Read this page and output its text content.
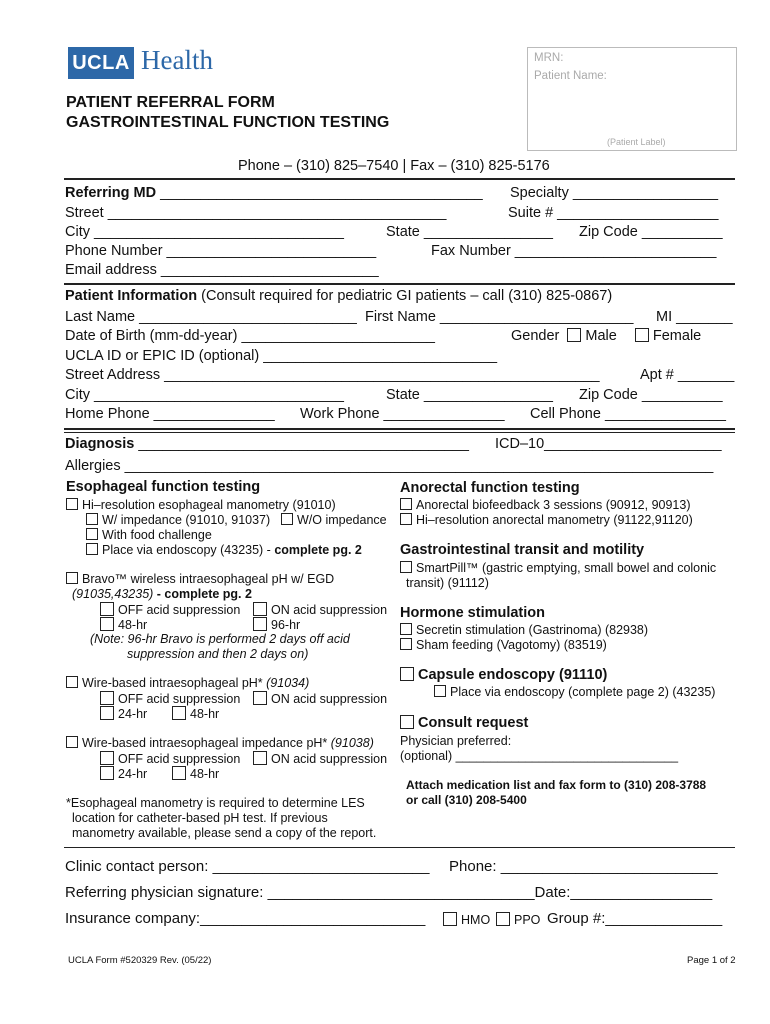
UCLA Health	MRN:
Patient Name:
(Patient Label)
PATIENT REFERRAL FORM
GASTROINTESTINAL FUNCTION TESTING
Phone – (310) 825–7540 | Fax – (310) 825-5176
Referring MD ________________________________________ Specialty __________________
Street __________________________________________	Suite # ____________________
City _______________________________	State ________________ Zip Code __________
Phone Number __________________________	Fax Number _________________________
Email address ___________________________
Patient Information (Consult required for pediatric GI patients – call (310) 825-0867)
Last Name ___________________________ First Name ________________________ MI _______
Date of Birth (mm-dd-year) ________________________	Gender Male Female
UCLA ID or EPIC ID (optional) _____________________________
Street Address ______________________________________________________	Apt # _______
City _______________________________	State ________________ Zip Code __________
Home Phone _______________ Work Phone _______________ Cell Phone _______________
Diagnosis _________________________________________ ICD–10______________________
Allergies _________________________________________________________________________
Esophageal function testing
Hi–resolution esophageal manometry (91010)
W/ impedance (91010, 91037)	W/O impedance
With food challenge
Place via endoscopy (43235) - complete pg. 2
Bravo™ wireless intraesophageal pH w/ EGD
(91035,43235) - complete pg. 2
OFF acid suppression	ON acid suppression
48-hr	96-hr
(Note: 96-hr Bravo is performed 2 days off acid
suppression and then 2 days on)
Wire-based intraesophageal pH* (91034)
OFF acid suppression	ON acid suppression
24-hr	48-hr
Wire-based intraesophageal impedance pH* (91038)
OFF acid suppression	ON acid suppression
24-hr	48-hr
*Esophageal manometry is required to determine LES
location for catheter-based pH test. If previous
manometry available, please send a copy of the report.
Anorectal function testing
Anorectal biofeedback 3 sessions (90912, 90913)
Hi–resolution anorectal manometry (91122,91120)
Gastrointestinal transit and motility
SmartPill™ (gastric emptying, small bowel and colonic
transit) (91112)
Hormone stimulation
Secretin stimulation (Gastrinoma) (82938)
Sham feeding (Vagotomy) (83519)
Capsule endoscopy (91110)
Place via endoscopy (complete page 2) (43235)
Consult request
Physician preferred:
(optional) ________________________________
Attach medication list and fax form to (310) 208-3788
or call (310) 208-5400
Clinic contact person: __________________________ Phone: __________________________
Referring physician signature: ________________________________Date:_________________
Insurance company:___________________________	HMO	PPO Group #:______________
UCLA Form #520329 Rev. (05/22)	Page 1 of 2
